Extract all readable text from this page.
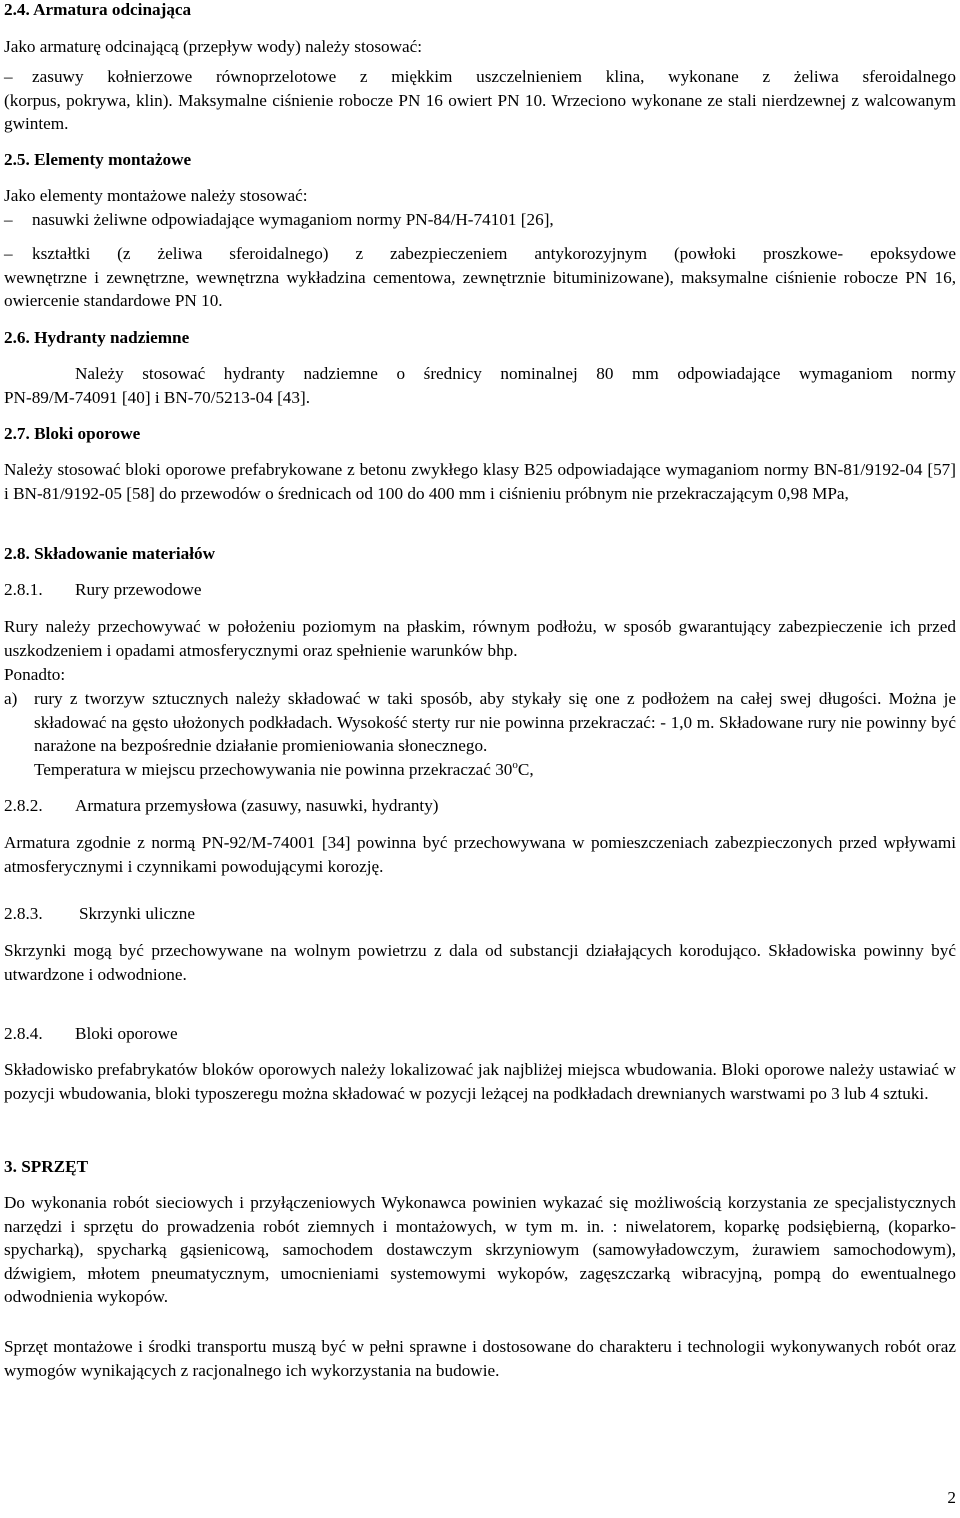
2.4. Armatura odcinająca
Jako armaturę odcinającą (przepływ wody) należy stosować:
–	zasuwy kołnierzowe równoprzelotowe z miękkim uszczelnieniem klina, wykonane z żeliwa sferoidalnego
(korpus, pokrywa, klin). Maksymalne ciśnienie robocze PN 16 owiert PN 10. Wrzeciono wykonane ze stali nierdzewnej z walcowanym gwintem.
2.5. Elementy montażowe
Jako elementy montażowe należy stosować:
–	nasuwki żeliwne odpowiadające wymaganiom normy PN-84/H-74101 [26],
–	kształtki (z żeliwa sferoidalnego) z zabezpieczeniem antykorozyjnym (powłoki proszkowe- epoksydowe
wewnętrzne i zewnętrzne, wewnętrzna wykładzina cementowa, zewnętrznie bituminizowane), maksymalne ciśnienie robocze PN 16, owiercenie standardowe PN 10.
2.6. Hydranty nadziemne
Należy stosować hydranty nadziemne o średnicy nominalnej 80 mm odpowiadające wymaganiom normy
PN-89/M-74091 [40] i BN-70/5213-04 [43].
2.7. Bloki oporowe
Należy stosować bloki oporowe prefabrykowane z betonu zwykłego klasy B25 odpowiadające wymaganiom normy BN-81/9192-04 [57] i BN-81/9192-05 [58] do przewodów o średnicach od 100 do 400 mm i ciśnieniu próbnym nie przekraczającym 0,98 MPa,
2.8. Składowanie materiałów
2.8.1. Rury przewodowe
Rury należy przechowywać w położeniu poziomym na płaskim, równym podłożu, w sposób gwarantujący zabezpieczenie ich przed uszkodzeniem i opadami atmosferycznymi oraz spełnienie warunków bhp.
Ponadto:
a) rury z tworzyw sztucznych należy składować w taki sposób, aby stykały się one z podłożem na całej swej długości. Można je składować na gęsto ułożonych podkładach. Wysokość sterty rur nie powinna przekraczać: - 1,0 m. Składowane rury nie powinny być narażone na bezpośrednie działanie promieniowania słonecznego.
Temperatura w miejscu przechowywania nie powinna przekraczać 30$^o$C,
2.8.2. Armatura przemysłowa (zasuwy, nasuwki, hydranty)
Armatura zgodnie z normą PN-92/M-74001 [34] powinna być przechowywana w pomieszczeniach zabezpieczonych przed wpływami atmosferycznymi i czynnikami powodującymi korozję.
2.8.3. Skrzynki uliczne
Skrzynki mogą być przechowywane na wolnym powietrzu z dala od substancji działających korodująco. Składowiska powinny być utwardzone i odwodnione.
2.8.4. Bloki oporowe
Składowisko prefabrykatów bloków oporowych należy lokalizować jak najbliżej miejsca wbudowania. Bloki oporowe należy ustawiać w pozycji wbudowania, bloki typoszeregu można składować w pozycji leżącej na podkładach drewnianych warstwami po 3 lub 4 sztuki.
3. SPRZĘT
Do wykonania robót sieciowych i przyłączeniowych Wykonawca powinien wykazać się możliwością korzystania ze specjalistycznych narzędzi i sprzętu do prowadzenia robót ziemnych i montażowych, w tym m. in. : niwelatorem, koparkę podsiębierną, (koparko-spycharką), spycharką gąsienicową, samochodem dostawczym skrzyniowym (samowyładowczym, żurawiem samochodowym), dźwigiem, młotem pneumatycznym, umocnieniami systemowymi wykopów, zagęszczarką wibracyjną, pompą do ewentualnego odwodnienia wykopów.
Sprzęt montażowe i środki transportu muszą być w pełni sprawne i dostosowane do charakteru i technologii wykonywanych robót oraz wymogów wynikających z racjonalnego ich wykorzystania na budowie.
2
